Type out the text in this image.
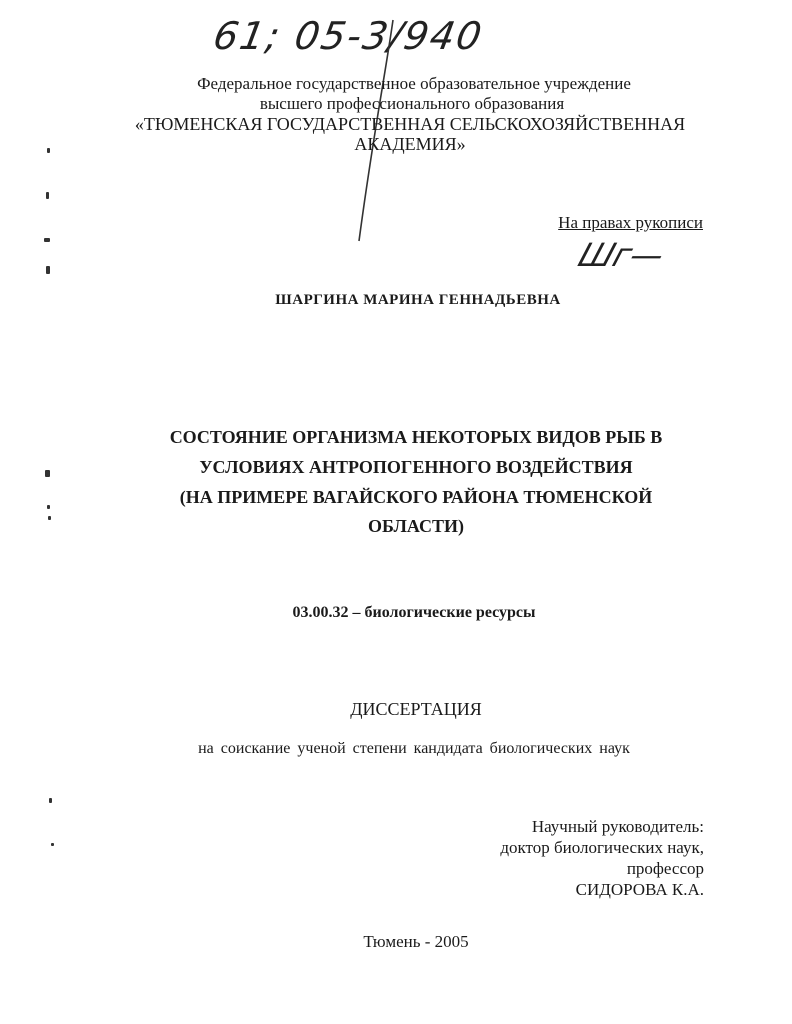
61; 05-3/940
Федеральное государственное образовательное учреждение
высшего профессионального образования
«ТЮМЕНСКАЯ ГОСУДАРСТВЕННАЯ СЕЛЬСКОХОЗЯЙСТВЕННАЯ
АКАДЕМИЯ»
На правах рукописи
Шг—
ШАРГИНА МАРИНА ГЕННАДЬЕВНА
СОСТОЯНИЕ ОРГАНИЗМА НЕКОТОРЫХ ВИДОВ РЫБ В
УСЛОВИЯХ АНТРОПОГЕННОГО ВОЗДЕЙСТВИЯ
(НА ПРИМЕРЕ ВАГАЙСКОГО РАЙОНА ТЮМЕНСКОЙ
ОБЛАСТИ)
03.00.32 – биологические ресурсы
ДИССЕРТАЦИЯ
на соискание ученой степени кандидата биологических наук
Научный руководитель:
доктор биологических наук,
профессор
СИДОРОВА К.А.
Тюмень - 2005
